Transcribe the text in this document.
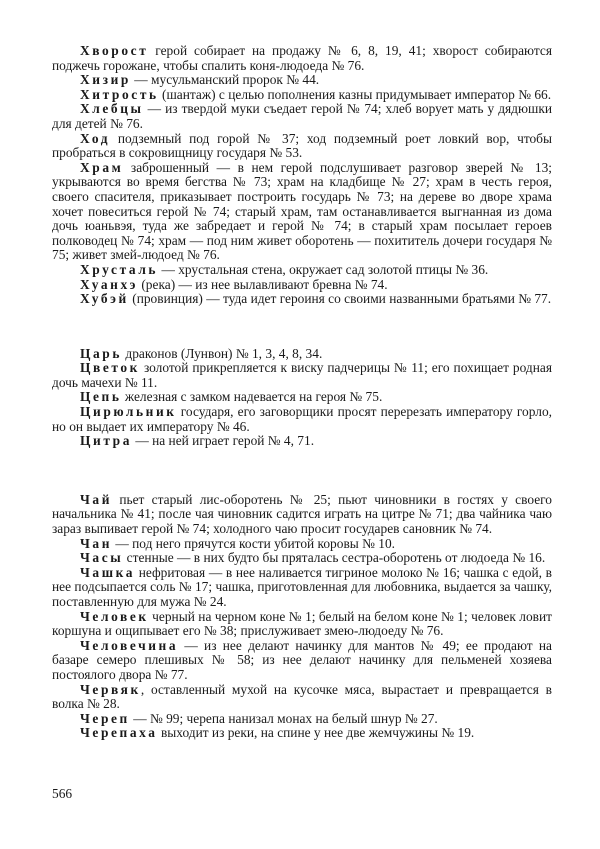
Хворост герой собирает на продажу № 6, 8, 19, 41; хворост собираются поджечь горожане, чтобы спалить коня-людоеда № 76.

Хизир — мусульманский пророк № 44.

Хитрость (шантаж) с целью пополнения казны придумывает император № 66.

Хлебцы — из твердой муки съедает герой № 74; хлеб ворует мать у дядюшки для детей № 76.

Ход подземный под горой № 37; ход подземный роет ловкий вор, чтобы пробраться в сокровищницу государя № 53.

Храм заброшенный — в нем герой подслушивает разговор зверей № 13; укрываются во время бегства № 73; храм на кладбище № 27; храм в честь героя, своего спасителя, приказывает построить государь № 73; на дереве во дворе храма хочет повеситься герой № 74; старый храм, там останавливается выгнанная из дома дочь юаньвэя, туда же забредает и герой № 74; в старый храм посылает героев полководец № 74; храм — под ним живет оборотень — похититель дочери государя № 75; живет змей-людоед № 76.

Хрусталь — хрустальная стена, окружает сад золотой птицы № 36.

Хуанхэ (река) — из нее вылавливают бревна № 74.

Хубэй (провинция) — туда идет героиня со своими названными братьями № 77.

Царь драконов (Лунвон) № 1, 3, 4, 8, 34.

Цветок золотой прикрепляется к виску падчерицы № 11; его похищает родная дочь мачехи № 11.

Цепь железная с замком надевается на героя № 75.

Цирюльник государя, его заговорщики просят перерезать императору горло, но он выдает их императору № 46.

Цитра — на ней играет герой № 4, 71.

Чай пьет старый лис-оборотень № 25; пьют чиновники в гостях у своего начальника № 41; после чая чиновник садится играть на цитре № 71; два чайника чаю зараз выпивает герой № 74; холодного чаю просит государев сановник № 74.

Чан — под него прячутся кости убитой коровы № 10.

Часы стенные — в них будто бы пряталась сестра-оборотень от людоеда № 16.

Чашка нефритовая — в нее наливается тигриное молоко № 16; чашка с едой, в нее подсыпается соль № 17; чашка, приготовленная для любовника, выдается за чашку, поставленную для мужа № 24.

Человек черный на черном коне № 1; белый на белом коне № 1; человек ловит коршуна и ощипывает его № 38; прислуживает змею-людоеду № 76.

Человечина — из нее делают начинку для мантов № 49; ее продают на базаре семеро плешивых № 58; из нее делают начинку для пельменей хозяева постоялого двора № 77.

Червяк, оставленный мухой на кусочке мяса, вырастает и превращается в волка № 28.

Череп — № 99; черепа нанизал монах на белый шнур № 27.

Черепаха выходит из реки, на спине у нее две жемчужины № 19.

566
